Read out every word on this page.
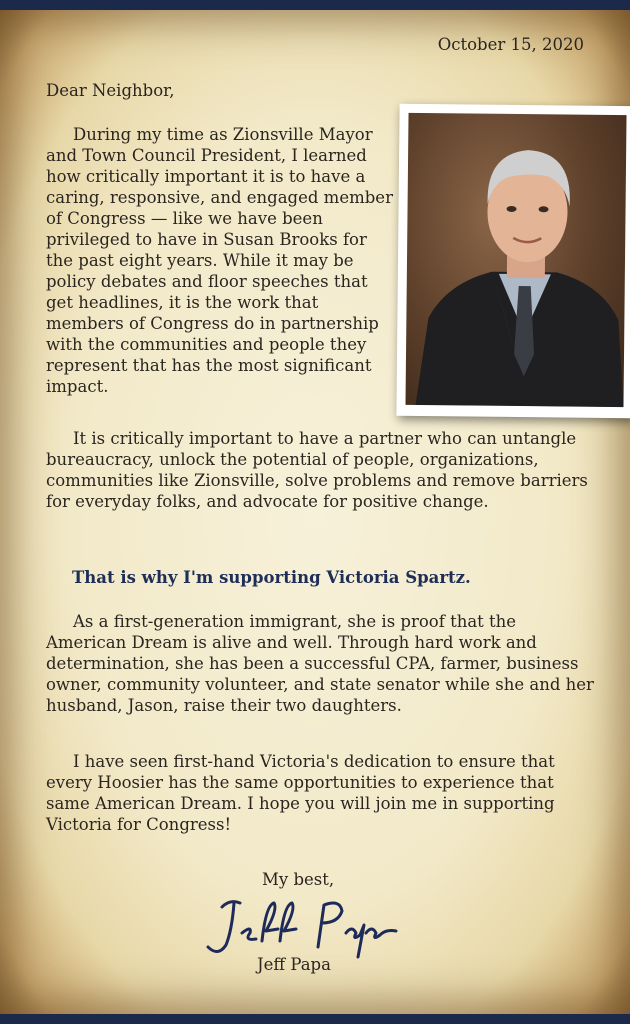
October 15, 2020

Dear Neighbor,

During my time as Zionsville Mayor and Town Council President, I learned how critically important it is to have a caring, responsive, and engaged member of Congress — like we have been privileged to have in Susan Brooks for the past eight years. While it may be policy debates and floor speeches that get headlines, it is the work that members of Congress do in partnership with the communities and people they represent that has the most significant impact.

It is critically important to have a partner who can untangle bureaucracy, unlock the potential of people, organizations, communities like Zionsville, solve problems and remove barriers for everyday folks, and advocate for positive change.

That is why I'm supporting Victoria Spartz.

As a first-generation immigrant, she is proof that the American Dream is alive and well. Through hard work and determination, she has been a successful CPA, farmer, business owner, community volunteer, and state senator while she and her husband, Jason, raise their two daughters.

I have seen first-hand Victoria's dedication to ensure that every Hoosier has the same opportunities to experience that same American Dream. I hope you will join me in supporting Victoria for Congress!

My best,

Jeff Papa
